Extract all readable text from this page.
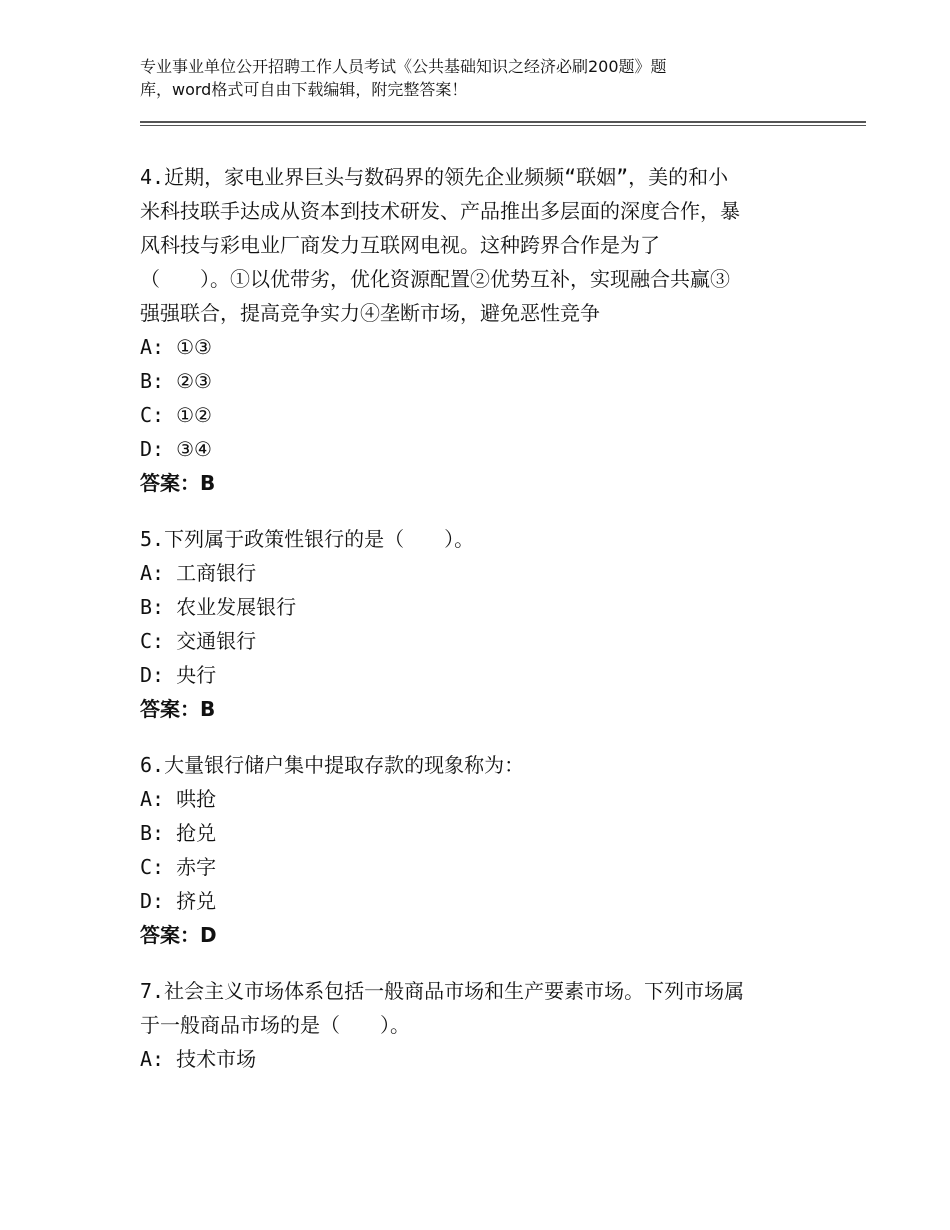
专业事业单位公开招聘工作人员考试《公共基础知识之经济必刷200题》题
库，word格式可自由下载编辑，附完整答案！
4.近期，家电业界巨头与数码界的领先企业频频“联姻”，美的和小
米科技联手达成从资本到技术研发、产品推出多层面的深度合作，暴
风科技与彩电业厂商发力互联网电视。这种跨界合作是为了
（　　）。①以优带劣，优化资源配置②优势互补，实现融合共赢③
强强联合，提高竞争实力④垄断市场，避免恶性竞争
A: ①③
B: ②③
C: ①②
D: ③④
答案：B
5.下列属于政策性银行的是（　　）。
A: 工商银行
B: 农业发展银行
C: 交通银行
D: 央行
答案：B
6.大量银行储户集中提取存款的现象称为：
A: 哄抢
B: 抢兑
C: 赤字
D: 挤兑
答案：D
7.社会主义市场体系包括一般商品市场和生产要素市场。下列市场属
于一般商品市场的是（　　）。
A: 技术市场
